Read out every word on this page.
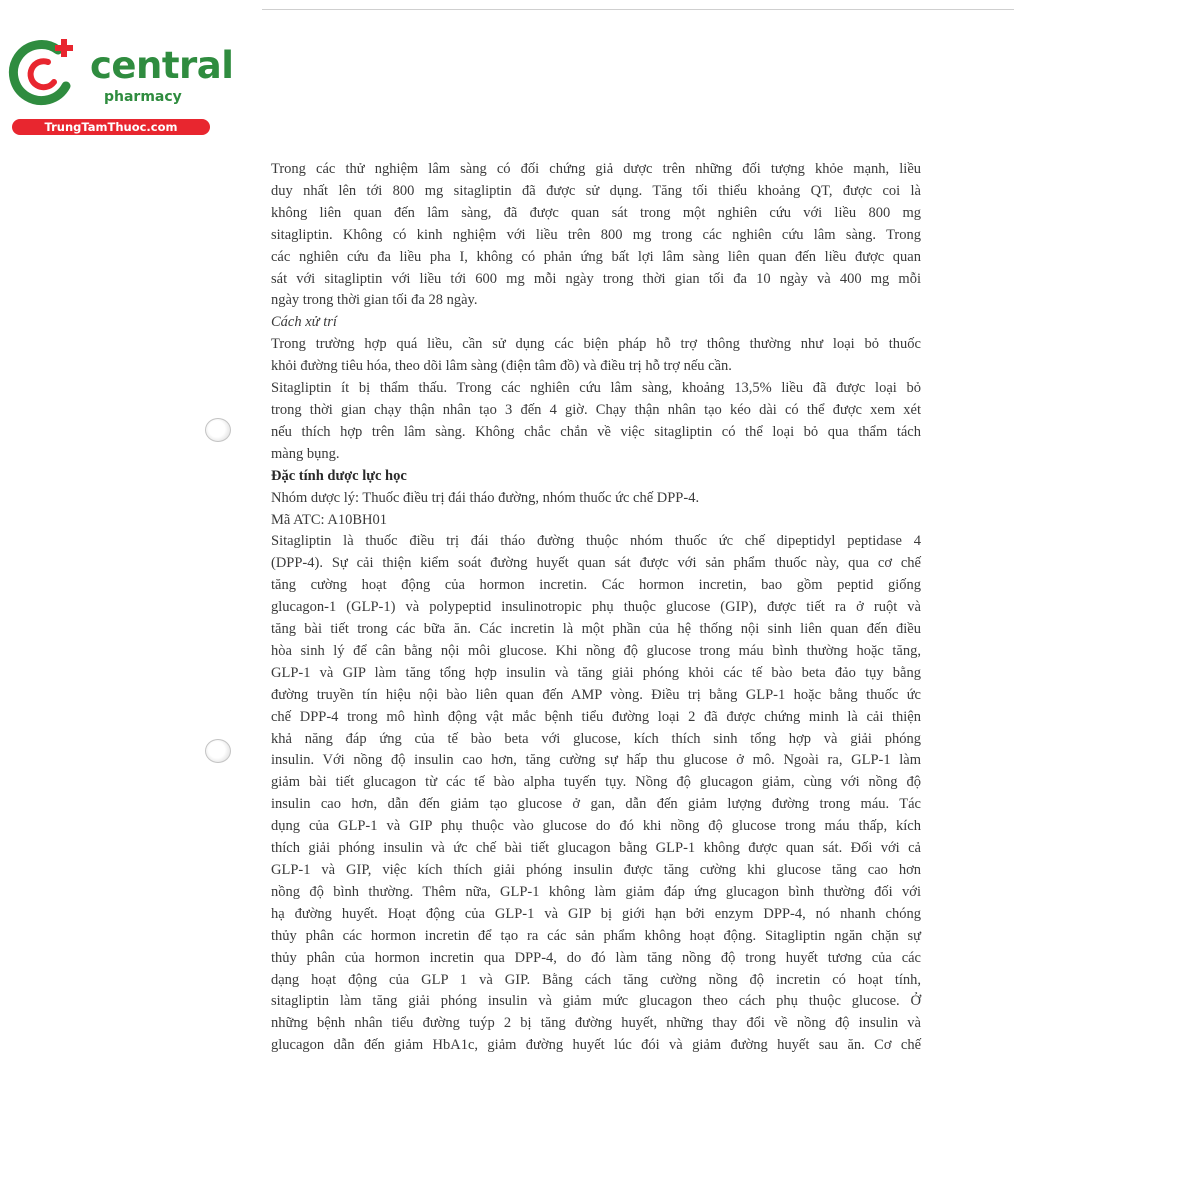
central
pharmacy
TrungTamThuoc.com

Trong các thử nghiệm lâm sàng có đối chứng giả dược trên những đối tượng khỏe mạnh, liều
duy nhất lên tới 800 mg sitagliptin đã được sử dụng. Tăng tối thiểu khoảng QT, được coi là
không liên quan đến lâm sàng, đã được quan sát trong một nghiên cứu với liều 800 mg
sitagliptin. Không có kinh nghiệm với liều trên 800 mg trong các nghiên cứu lâm sàng. Trong
các nghiên cứu đa liều pha I, không có phản ứng bất lợi lâm sàng liên quan đến liều được quan
sát với sitagliptin với liều tới 600 mg mỗi ngày trong thời gian tối đa 10 ngày và 400 mg mỗi
ngày trong thời gian tối đa 28 ngày.

Cách xử trí

Trong trường hợp quá liều, cần sử dụng các biện pháp hỗ trợ thông thường như loại bỏ thuốc
khỏi đường tiêu hóa, theo dõi lâm sàng (điện tâm đồ) và điều trị hỗ trợ nếu cần.

Sitagliptin ít bị thẩm thấu. Trong các nghiên cứu lâm sàng, khoảng 13,5% liều đã được loại bỏ
trong thời gian chạy thận nhân tạo 3 đến 4 giờ. Chạy thận nhân tạo kéo dài có thể được xem xét
nếu thích hợp trên lâm sàng. Không chắc chắn về việc sitagliptin có thể loại bỏ qua thẩm tách
màng bụng.

Đặc tính dược lực học

Nhóm dược lý: Thuốc điều trị đái tháo đường, nhóm thuốc ức chế DPP-4.

Mã ATC: A10BH01

Sitagliptin là thuốc điều trị đái tháo đường thuộc nhóm thuốc ức chế dipeptidyl peptidase 4
(DPP-4). Sự cải thiện kiểm soát đường huyết quan sát được với sản phẩm thuốc này, qua cơ chế
tăng cường hoạt động của hormon incretin. Các hormon incretin, bao gồm peptid giống
glucagon-1 (GLP-1) và polypeptid insulinotropic phụ thuộc glucose (GIP), được tiết ra ở ruột và
tăng bài tiết trong các bữa ăn. Các incretin là một phần của hệ thống nội sinh liên quan đến điều
hòa sinh lý để cân bằng nội môi glucose. Khi nồng độ glucose trong máu bình thường hoặc tăng,
GLP-1 và GIP làm tăng tổng hợp insulin và tăng giải phóng khỏi các tế bào beta đảo tụy bằng
đường truyền tín hiệu nội bào liên quan đến AMP vòng. Điều trị bằng GLP-1 hoặc bằng thuốc ức
chế DPP-4 trong mô hình động vật mắc bệnh tiểu đường loại 2 đã được chứng minh là cải thiện
khả năng đáp ứng của tế bào beta với glucose, kích thích sinh tổng hợp và giải phóng
insulin. Với nồng độ insulin cao hơn, tăng cường sự hấp thu glucose ở mô. Ngoài ra, GLP-1 làm
giảm bài tiết glucagon từ các tế bào alpha tuyến tụy. Nồng độ glucagon giảm, cùng với nồng độ
insulin cao hơn, dẫn đến giảm tạo glucose ở gan, dẫn đến giảm lượng đường trong máu. Tác
dụng của GLP-1 và GIP phụ thuộc vào glucose do đó khi nồng độ glucose trong máu thấp, kích
thích giải phóng insulin và ức chế bài tiết glucagon bằng GLP-1 không được quan sát. Đối với cả
GLP-1 và GIP, việc kích thích giải phóng insulin được tăng cường khi glucose tăng cao hơn
nồng độ bình thường. Thêm nữa, GLP-1 không làm giảm đáp ứng glucagon bình thường đối với
hạ đường huyết. Hoạt động của GLP-1 và GIP bị giới hạn bởi enzym DPP-4, nó nhanh chóng
thủy phân các hormon incretin để tạo ra các sản phẩm không hoạt động. Sitagliptin ngăn chặn sự
thủy phân của hormon incretin qua DPP-4, do đó làm tăng nồng độ trong huyết tương của các
dạng hoạt động của GLP 1 và GIP. Bằng cách tăng cường nồng độ incretin có hoạt tính,
sitagliptin làm tăng giải phóng insulin và giảm mức glucagon theo cách phụ thuộc glucose. Ở
những bệnh nhân tiểu đường tuýp 2 bị tăng đường huyết, những thay đổi về nồng độ insulin và
glucagon dẫn đến giảm HbA1c, giảm đường huyết lúc đói và giảm đường huyết sau ăn. Cơ chế
